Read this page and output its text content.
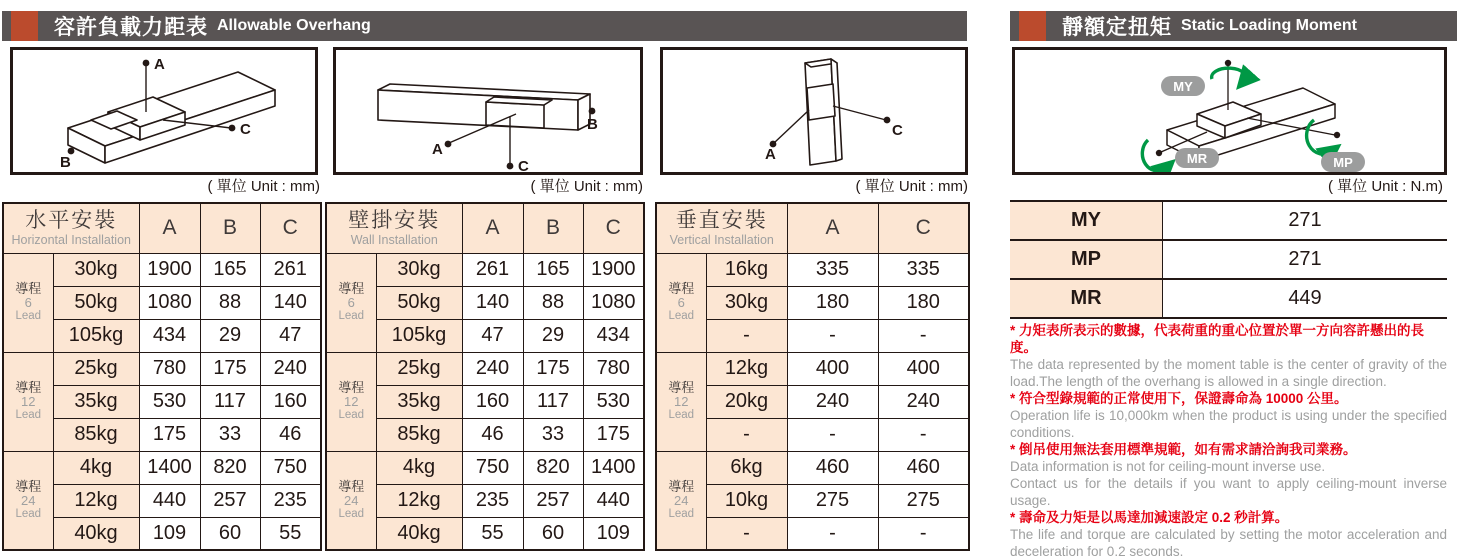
容許負載力距表 Allowable Overhang
A
B
C
( 單位 Unit : mm)
水平安裝
Horizontal Installation		A	B	C

導程
6
Lead	30kg	1900	165	261
	50kg	1080	88	140
	105kg	434	29	47

導程
12
Lead	25kg	780	175	240
	35kg	530	117	160
	85kg	175	33	46

導程
24
Lead	4kg	1400	820	750
	12kg	440	257	235
	40kg	109	60	55
A
B
C
( 單位 Unit : mm)
壁掛安裝
Wall Installation		A	B	C

導程
6
Lead	30kg	261	165	1900
	50kg	140	88	1080
	105kg	47	29	434

導程
12
Lead	25kg	240	175	780
	35kg	160	117	530
	85kg	46	33	175

導程
24
Lead	4kg	750	820	1400
	12kg	235	257	440
	40kg	55	60	109
A
C
( 單位 Unit : mm)
垂直安裝
Vertical Installation		A	C

導程
6
Lead	16kg	335	335
	30kg	180	180
	-	-	-

導程
12
Lead	12kg	400	400
	20kg	240	240
	-	-	-

導程
24
Lead	6kg	460	460
	10kg	275	275
	-	-	-
靜額定扭矩 Static Loading Moment
MY
MP
MR
( 單位 Unit : N.m)
MY	271
MP	271
MR	449
* 力矩表所表示的數據，代表荷重的重心位置於單一方向容許懸出的長度。
The data represented by the moment table is the center of gravity of the load.The length of the overhang is allowed in a single direction.
* 符合型錄規範的正常使用下，保證壽命為 10000 公里。
Operation life is 10,000km when the product is using under the specified conditions.
* 倒吊使用無法套用標準規範，如有需求請洽詢我司業務。
Data information is not for ceiling-mount inverse use.
Contact us for the details if you want to apply ceiling-mount inverse usage.
* 壽命及力矩是以馬達加減速設定 0.2 秒計算。
The life and torque are calculated by setting the motor acceleration and deceleration for 0.2 seconds.
